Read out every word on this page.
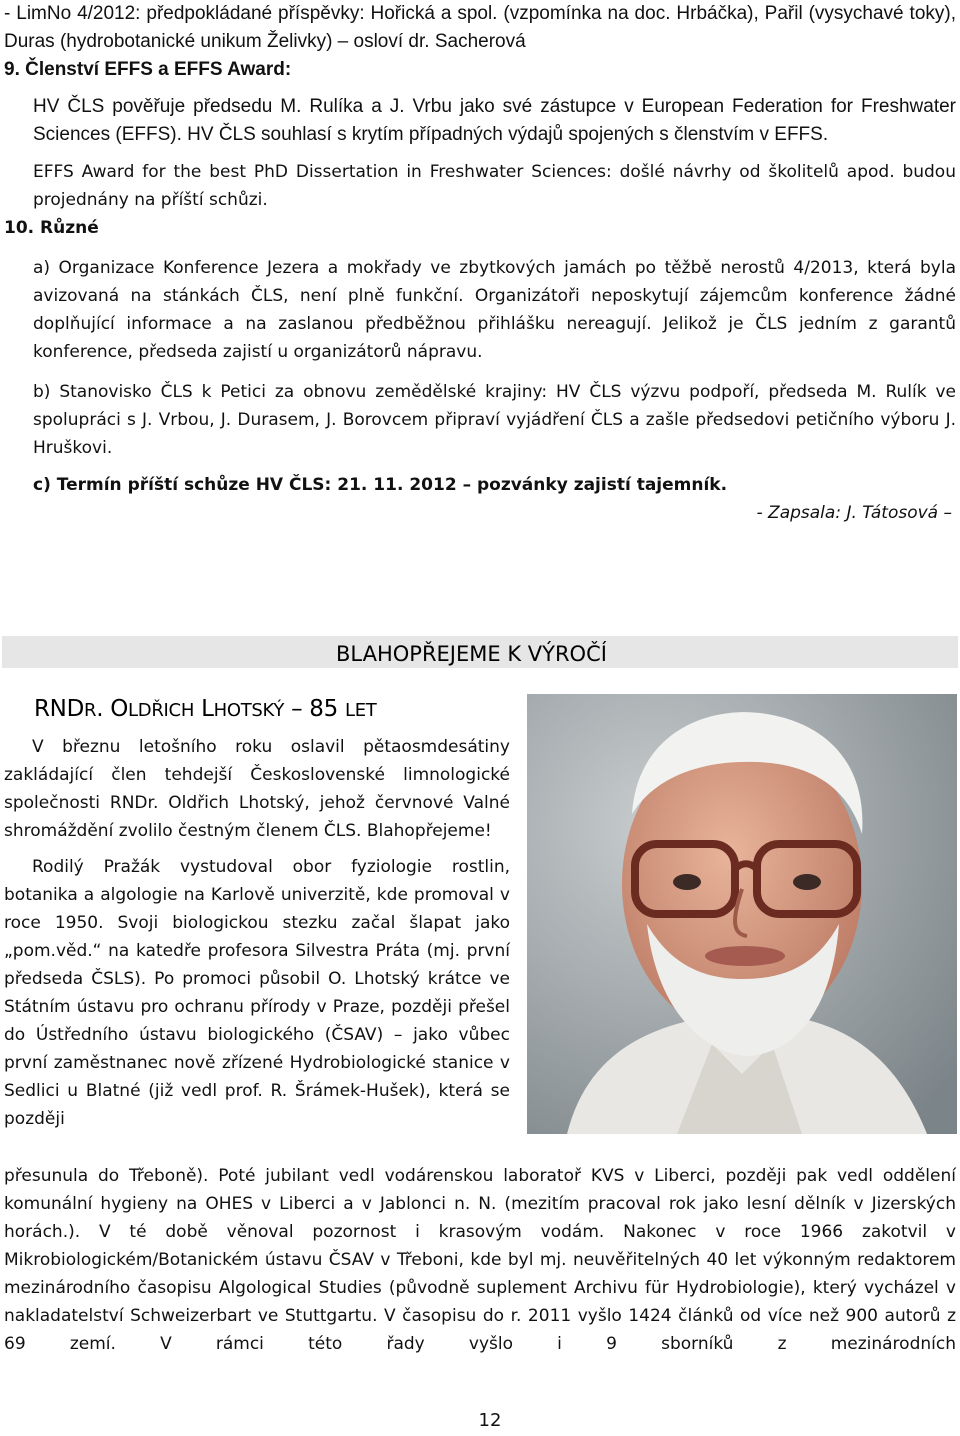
- LimNo 4/2012: předpokládané příspěvky: Hořická a spol. (vzpomínka na doc. Hrbáčka), Pařil (vysychavé toky), Duras (hydrobotanické unikum Želivky) – osloví dr. Sacherová

9. Členství EFFS a EFFS Award:

HV ČLS pověřuje předsedu M. Rulíka a J. Vrbu jako své zástupce v European Federation for Freshwater Sciences (EFFS). HV ČLS souhlasí s krytím případných výdajů spojených s členstvím v EFFS.

EFFS Award for the best PhD Dissertation in Freshwater Sciences: došlé návrhy od školitelů apod. budou projednány na příští schůzi.

10. Různé

a) Organizace Konference Jezera a mokřady ve zbytkových jamách po těžbě nerostů 4/2013, která byla avizovaná na stánkách ČLS, není plně funkční. Organizátoři neposkytují zájemcům konference žádné doplňující informace a na zaslanou předběžnou přihlášku nereagují. Jelikož je ČLS jedním z garantů konference, předseda zajistí u organizátorů nápravu.

b) Stanovisko ČLS k Petici za obnovu zemědělské krajiny: HV ČLS výzvu podpoří, předseda M. Rulík ve spolupráci s J. Vrbou, J. Durasem, J. Borovcem připraví vyjádření ČLS a zašle předsedovi petičního výboru J. Hruškovi.

c) Termín příští schůze HV ČLS: 21. 11. 2012 – pozvánky zajistí tajemník.

- Zapsala: J. Tátosová –

BLAHOPŘEJEME K VÝROČÍ
RNDR. OLDŘICH LHOTSKÝ – 85 LET

V březnu letošního roku oslavil pětaosmdesátiny zakládající člen tehdejší Československé limnologické společnosti RNDr. Oldřich Lhotský, jehož červnové Valné shromáždění zvolilo čestným členem ČLS. Blahopřejeme!

Rodilý Pražák vystudoval obor fyziologie rostlin, botanika a algologie na Karlově univerzitě, kde promoval v roce 1950. Svoji biologickou stezku začal šlapat jako „pom.věd.“ na katedře profesora Silvestra Práta (mj. první předseda ČSLS). Po promoci působil O. Lhotský krátce ve Státním ústavu pro ochranu přírody v Praze, později přešel do Ústředního ústavu biologického (ČSAV) – jako vůbec první zaměstnanec nově zřízené Hydrobiologické stanice v Sedlici u Blatné (již vedl prof. R. Šrámek-Hušek), která se později

přesunula do Třeboně). Poté jubilant vedl vodárenskou laboratoř KVS v Liberci, později pak vedl oddělení komunální hygieny na OHES v Liberci a v Jablonci n. N. (mezitím pracoval rok jako lesní dělník v Jizerských horách.). V té době věnoval pozornost i krasovým vodám. Nakonec v roce 1966 zakotvil v Mikrobiologickém/Botanickém ústavu ČSAV v Třeboni, kde byl mj. neuvěřitelných 40 let výkonným redaktorem mezinárodního časopisu Algological Studies (původně suplement Archivu für Hydrobiologie), který vycházel v nakladatelství Schweizerbart ve Stuttgartu. V časopisu do r. 2011 vyšlo 1424 článků od více než 900 autorů z 69 zemí. V rámci této řady vyšlo i 9 sborníků z mezinárodních

12
